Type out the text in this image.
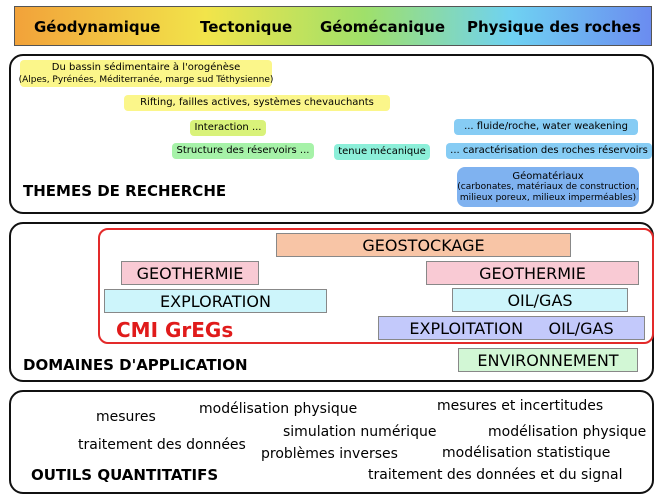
Géodynamique	Tectonique Géomécanique Physique des roches
Du bassin sédimentaire à l'orogénèse
(Alpes, Pyrénées, Méditerranée, marge sud Téthysienne)
Rifting, failles actives, systèmes chevauchants
Interaction ...
Structure des réservoirs ...	tenue mécanique
... fluide/roche, water weakening
... caractérisation des roches réservoirs
Géomatériaux
(carbonates, matériaux de construction,
milieux poreux, milieux imperméables)
THEMES DE RECHERCHE
GEOSTOCKAGE
GEOTHERMIE	GEOTHERMIE
EXPLORATION	OIL/GAS
EXPLOITATION     OIL/GAS
ENVIRONNEMENT
CMI GrEGs
DOMAINES D'APPLICATION
mesures	modélisation physique	mesures et incertitudes
traitement des données
simulation numérique	modélisation physique
problèmes inverses	modélisation statistique
traitement des données et du signal
OUTILS QUANTITATIFS
